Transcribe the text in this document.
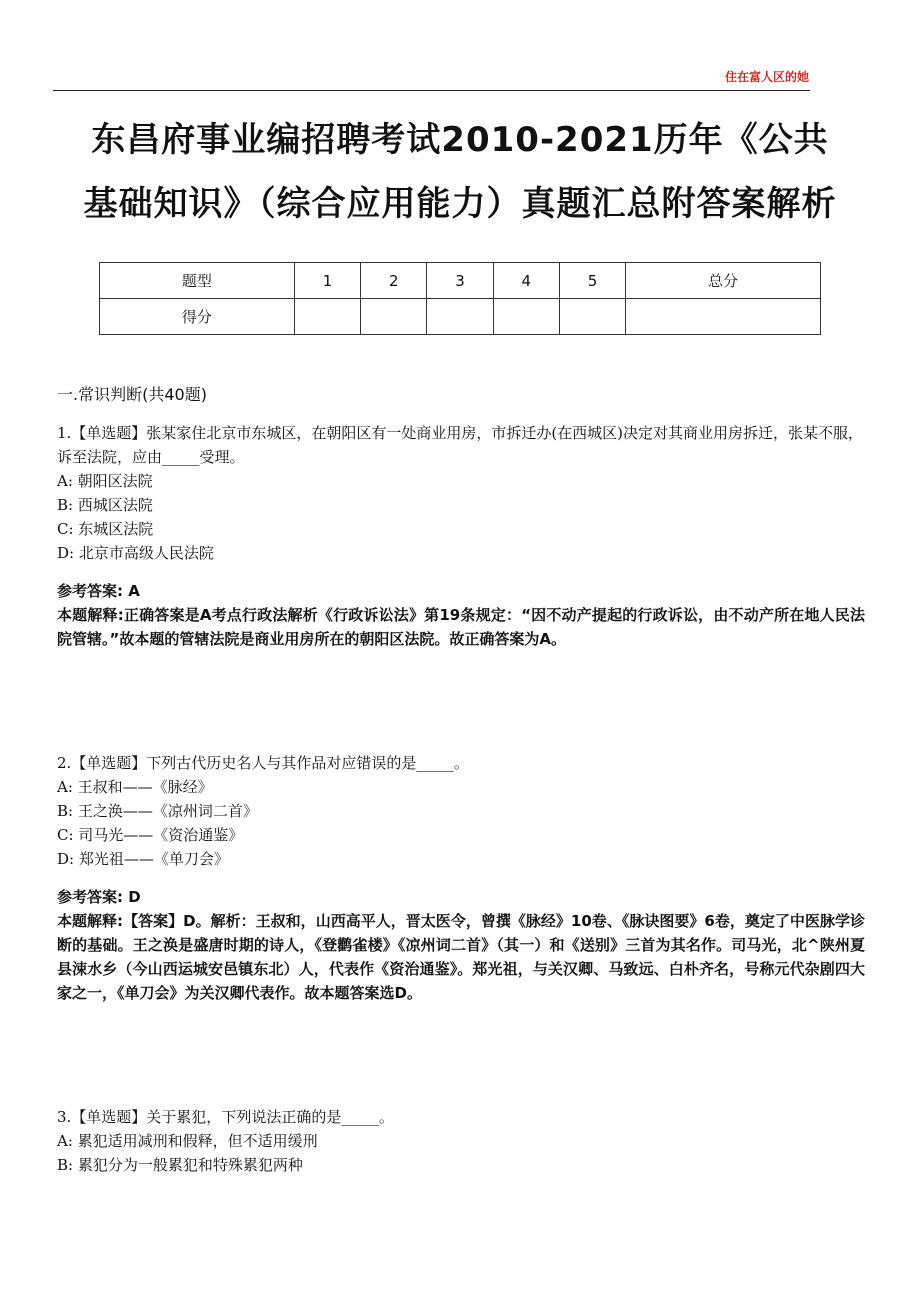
住在富人区的她
东昌府事业编招聘考试2010-2021历年《公共
基础知识》（综合应用能力）真题汇总附答案解析
题型	1	2	3	4	5	总分
得分						

一.常识判断(共40题)

1.【单选题】张某家住北京市东城区，在朝阳区有一处商业用房，市拆迁办(在西城区)决定对其商业用房拆迁，张某不服，诉至法院，应由_____受理。

A: 朝阳区法院

B: 西城区法院

C: 东城区法院

D: 北京市高级人民法院

参考答案: A

本题解释:正确答案是A考点行政法解析《行政诉讼法》第19条规定：“因不动产提起的行政诉讼，由不动产所在地人民法院管辖。”故本题的管辖法院是商业用房所在的朝阳区法院。故正确答案为A。

2.【单选题】下列古代历史名人与其作品对应错误的是_____。

A: 王叔和——《脉经》

B: 王之涣——《凉州词二首》

C: 司马光——《资治通鉴》

D: 郑光祖——《单刀会》

参考答案: D

本题解释:【答案】D。解析：王叔和，山西高平人，晋太医令，曾撰《脉经》10卷、《脉诀图要》6卷，奠定了中医脉学诊断的基础。王之涣是盛唐时期的诗人，《登鹳雀楼》《凉州词二首》（其一）和《送别》三首为其名作。司马光，北^陕州夏县涑水乡（今山西运城安邑镇东北）人，代表作《资治通鉴》。郑光祖，与关汉卿、马致远、白朴齐名，号称元代杂剧四大家之一，《单刀会》为关汉卿代表作。故本题答案选D。

3.【单选题】关于累犯，下列说法正确的是_____。

A: 累犯适用减刑和假释，但不适用缓刑

B: 累犯分为一般累犯和特殊累犯两种
